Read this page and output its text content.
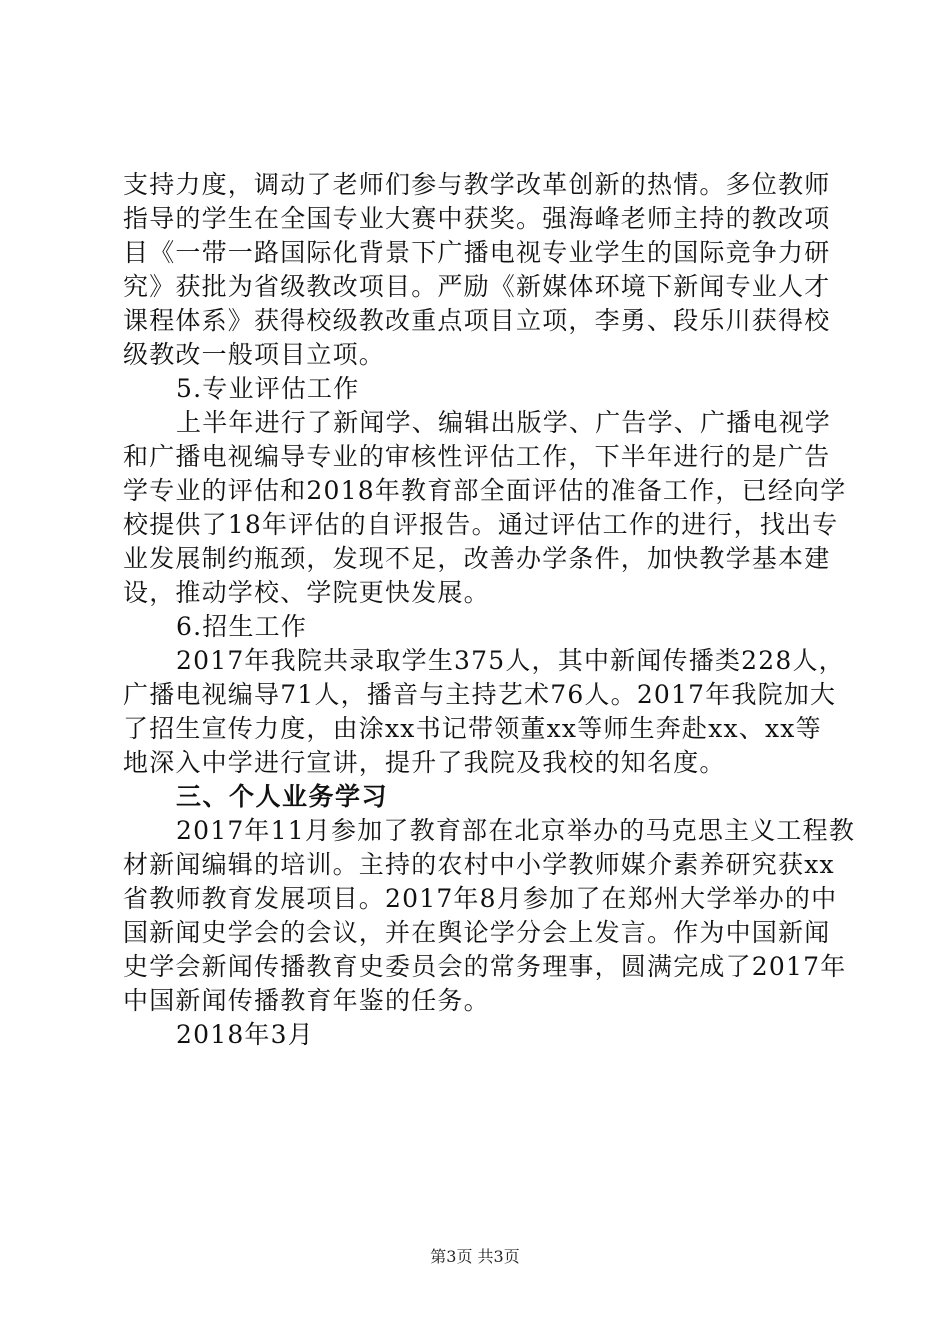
支持力度，调动了老师们参与教学改革创新的热情。多位教师
指导的学生在全国专业大赛中获奖。强海峰老师主持的教改项
目《一带一路国际化背景下广播电视专业学生的国际竞争力研
究》获批为省级教改项目。严励《新媒体环境下新闻专业人才
课程体系》获得校级教改重点项目立项，李勇、段乐川获得校
级教改一般项目立项。
5.专业评估工作
上半年进行了新闻学、编辑出版学、广告学、广播电视学
和广播电视编导专业的审核性评估工作，下半年进行的是广告
学专业的评估和2018年教育部全面评估的准备工作，已经向学
校提供了18年评估的自评报告。通过评估工作的进行，找出专
业发展制约瓶颈，发现不足，改善办学条件，加快教学基本建
设，推动学校、学院更快发展。
6.招生工作
2017年我院共录取学生375人，其中新闻传播类228人，
广播电视编导71人，播音与主持艺术76人。2017年我院加大
了招生宣传力度，由涂xx书记带领董xx等师生奔赴xx、xx等
地深入中学进行宣讲，提升了我院及我校的知名度。
三、个人业务学习
2017年11月参加了教育部在北京举办的马克思主义工程教
材新闻编辑的培训。主持的农村中小学教师媒介素养研究获xx
省教师教育发展项目。2017年8月参加了在郑州大学举办的中
国新闻史学会的会议，并在舆论学分会上发言。作为中国新闻
史学会新闻传播教育史委员会的常务理事，圆满完成了2017年
中国新闻传播教育年鉴的任务。
2018年3月
第3页 共3页
